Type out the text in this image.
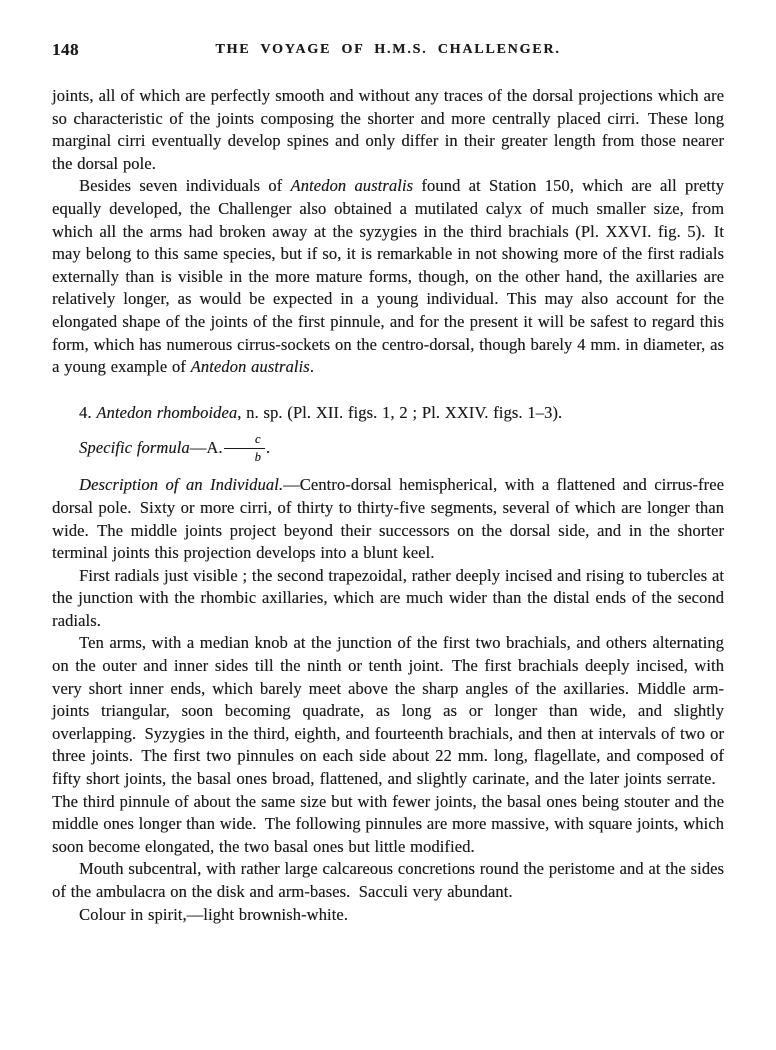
148	THE VOYAGE OF H.M.S. CHALLENGER.

joints, all of which are perfectly smooth and without any traces of the dorsal projections which are so characteristic of the joints composing the shorter and more centrally placed cirri. These long marginal cirri eventually develop spines and only differ in their greater length from those nearer the dorsal pole.

Besides seven individuals of Antedon australis found at Station 150, which are all pretty equally developed, the Challenger also obtained a mutilated calyx of much smaller size, from which all the arms had broken away at the syzygies in the third brachials (Pl. XXVI. fig. 5). It may belong to this same species, but if so, it is remarkable in not showing more of the first radials externally than is visible in the more mature forms, though, on the other hand, the axillaries are relatively longer, as would be expected in a young individual. This may also account for the elongated shape of the joints of the first pinnule, and for the present it will be safest to regard this form, which has numerous cirrus-sockets on the centro-dorsal, though barely 4 mm. in diameter, as a young example of Antedon australis.

4. Antedon rhomboidea, n. sp. (Pl. XII. figs. 1, 2 ; Pl. XXIV. figs. 1–3).

Specific formula—A. $\frac{c}{b}$ .

Description of an Individual.—Centro-dorsal hemispherical, with a flattened and cirrus-free dorsal pole. Sixty or more cirri, of thirty to thirty-five segments, several of which are longer than wide. The middle joints project beyond their successors on the dorsal side, and in the shorter terminal joints this projection develops into a blunt keel.

First radials just visible ; the second trapezoidal, rather deeply incised and rising to tubercles at the junction with the rhombic axillaries, which are much wider than the distal ends of the second radials.

Ten arms, with a median knob at the junction of the first two brachials, and others alternating on the outer and inner sides till the ninth or tenth joint. The first brachials deeply incised, with very short inner ends, which barely meet above the sharp angles of the axillaries. Middle arm-joints triangular, soon becoming quadrate, as long as or longer than wide, and slightly overlapping. Syzygies in the third, eighth, and fourteenth brachials, and then at intervals of two or three joints. The first two pinnules on each side about 22 mm. long, flagellate, and composed of fifty short joints, the basal ones broad, flattened, and slightly carinate, and the later joints serrate. The third pinnule of about the same size but with fewer joints, the basal ones being stouter and the middle ones longer than wide. The following pinnules are more massive, with square joints, which soon become elongated, the two basal ones but little modified.

Mouth subcentral, with rather large calcareous concretions round the peristome and at the sides of the ambulacra on the disk and arm-bases. Sacculi very abundant.

Colour in spirit,—light brownish-white.
